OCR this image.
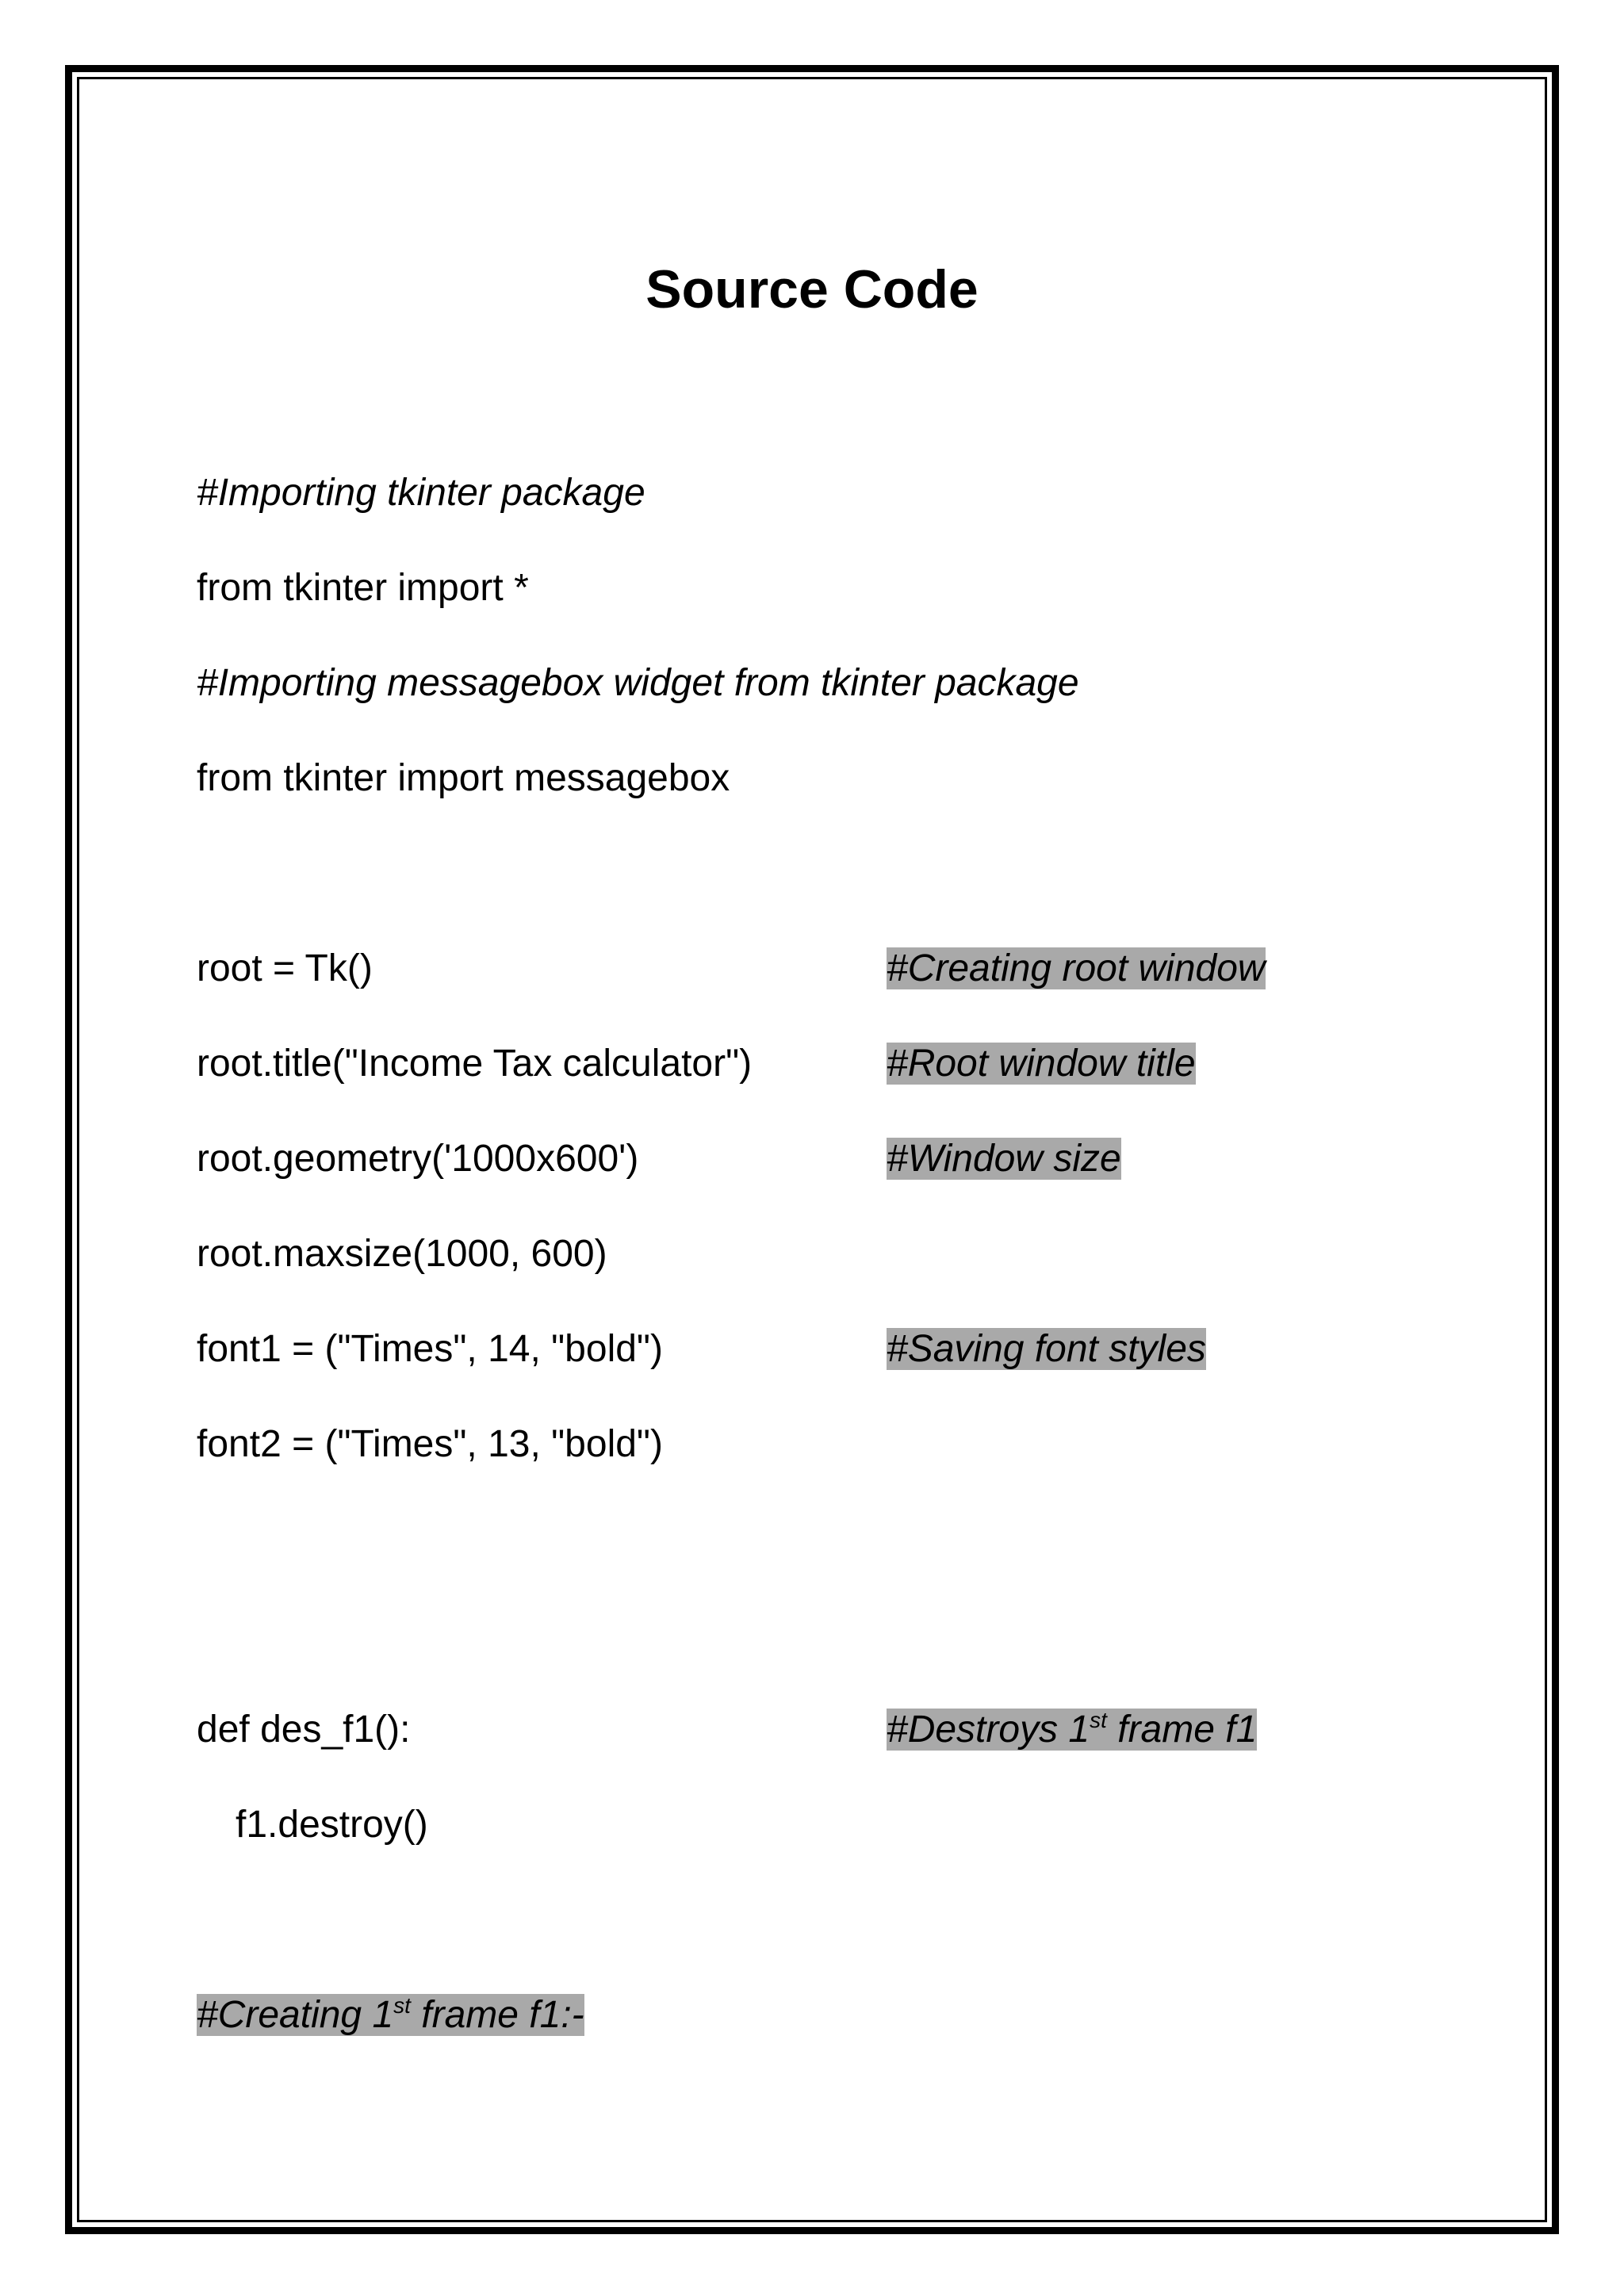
Source Code
#Importing tkinter package
from tkinter import *
#Importing messagebox widget from tkinter package
from tkinter import messagebox
root = Tk()	#Creating root window
root.title("Income Tax calculator")	#Root window title
root.geometry('1000x600')	#Window size
root.maxsize(1000, 600)
font1 = ("Times", 14, "bold")	#Saving font styles
font2 = ("Times", 13, "bold")
def des_f1():	#Destroys 1st frame f1
f1.destroy()
#Creating 1st frame f1:-
